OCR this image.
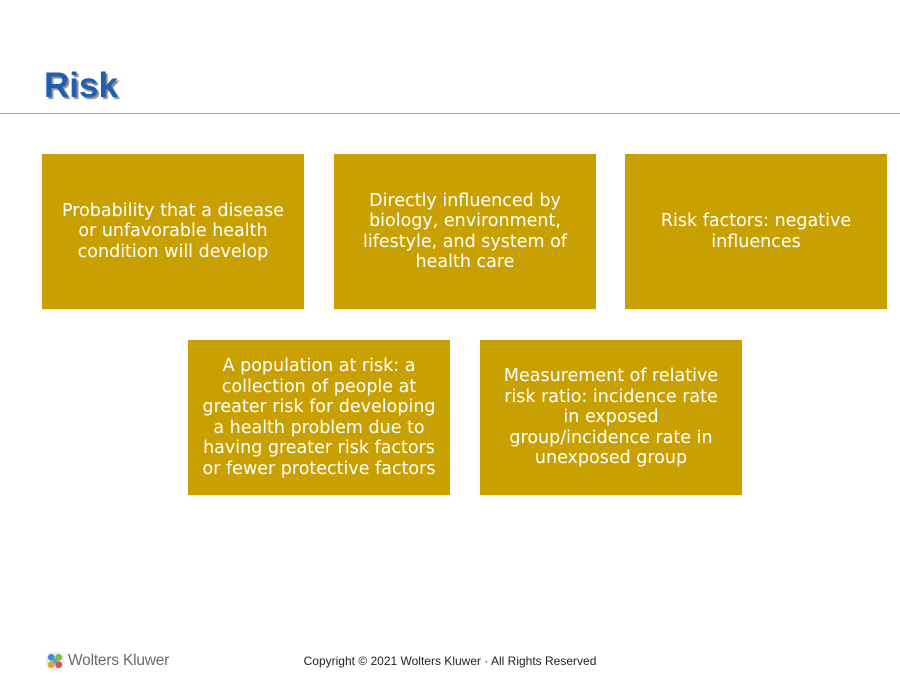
Risk
Probability that a disease
or unfavorable health
condition will develop
Directly influenced by
biology, environment,
lifestyle, and system of
health care
Risk factors: negative
influences
A population at risk: a
collection of people at
greater risk for developing
a health problem due to
having greater risk factors
or fewer protective factors
Measurement of relative
risk ratio: incidence rate
in exposed
group/incidence rate in
unexposed group
Wolters Kluwer	Copyright © 2021 Wolters Kluwer · All Rights Reserved
